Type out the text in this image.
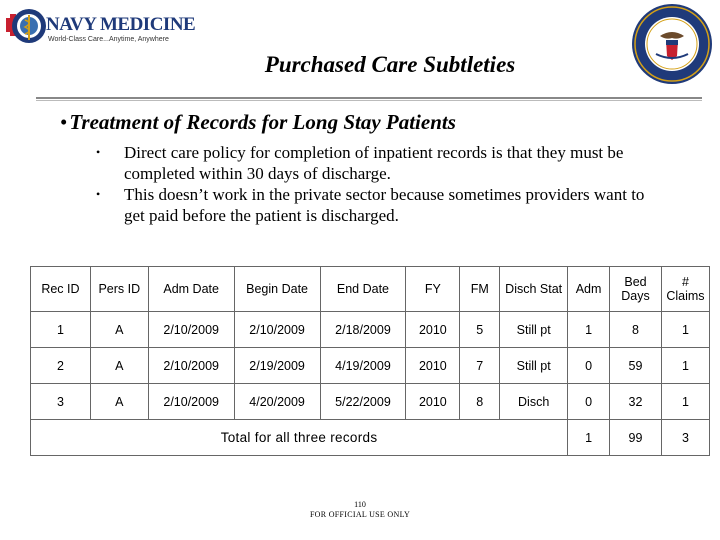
NAVY MEDICINE
World-Class Care...Anytime, Anywhere
Purchased Care Subtleties
•Treatment of Records for Long Stay Patients
• Direct care policy for completion of inpatient records is that they must be completed within 30 days of discharge.
• This doesn’t work in the private sector because sometimes providers want to get paid before the patient is discharged.
Rec ID	Pers ID	Adm Date	Begin Date	End Date	FY	FM	Disch Stat	Adm	Bed Days	# Claims
1	A	2/10/2009	2/10/2009	2/18/2009	2010	5	Still pt	1	8	1
2	A	2/10/2009	2/19/2009	4/19/2009	2010	7	Still pt	0	59	1
3	A	2/10/2009	4/20/2009	5/22/2009	2010	8	Disch	0	32	1
Total for all three records								1	99	3
110
FOR OFFICIAL USE ONLY
